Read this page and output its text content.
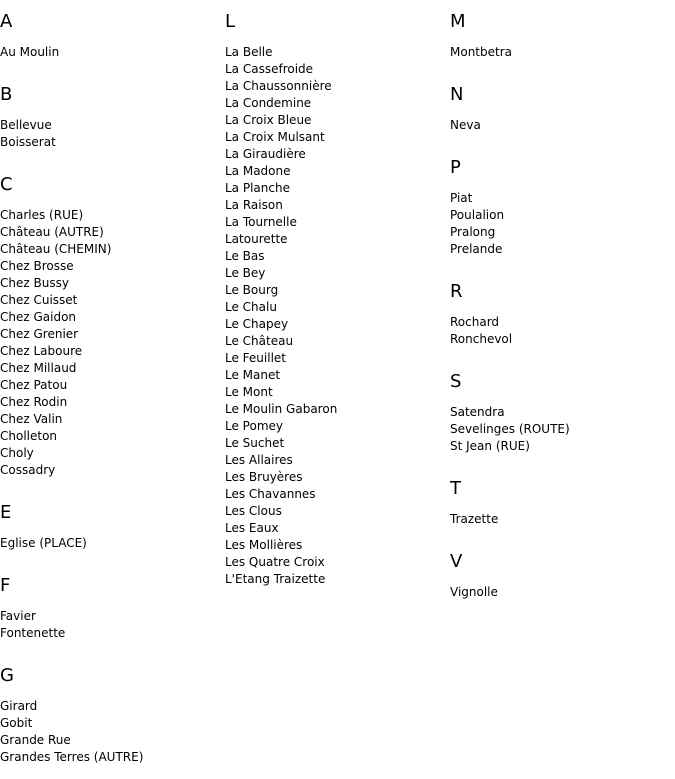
A
Au Moulin
B
Bellevue
Boisserat
C
Charles (RUE)
Château (AUTRE)
Château (CHEMIN)
Chez Brosse
Chez Bussy
Chez Cuisset
Chez Gaidon
Chez Grenier
Chez Laboure
Chez Millaud
Chez Patou
Chez Rodin
Chez Valin
Cholleton
Choly
Cossadry
E
Eglise (PLACE)
F
Favier
Fontenette
G
Girard
Gobit
Grande Rue
Grandes Terres (AUTRE)
L
La Belle
La Cassefroide
La Chaussonnière
La Condemine
La Croix Bleue
La Croix Mulsant
La Giraudière
La Madone
La Planche
La Raison
La Tournelle
Latourette
Le Bas
Le Bey
Le Bourg
Le Chalu
Le Chapey
Le Château
Le Feuillet
Le Manet
Le Mont
Le Moulin Gabaron
Le Pomey
Le Suchet
Les Allaires
Les Bruyères
Les Chavannes
Les Clous
Les Eaux
Les Mollières
Les Quatre Croix
L'Etang Traizette
M
Montbetra
N
Neva
P
Piat
Poulalion
Pralong
Prelande
R
Rochard
Ronchevol
S
Satendra
Sevelinges (ROUTE)
St Jean (RUE)
T
Trazette
V
Vignolle
